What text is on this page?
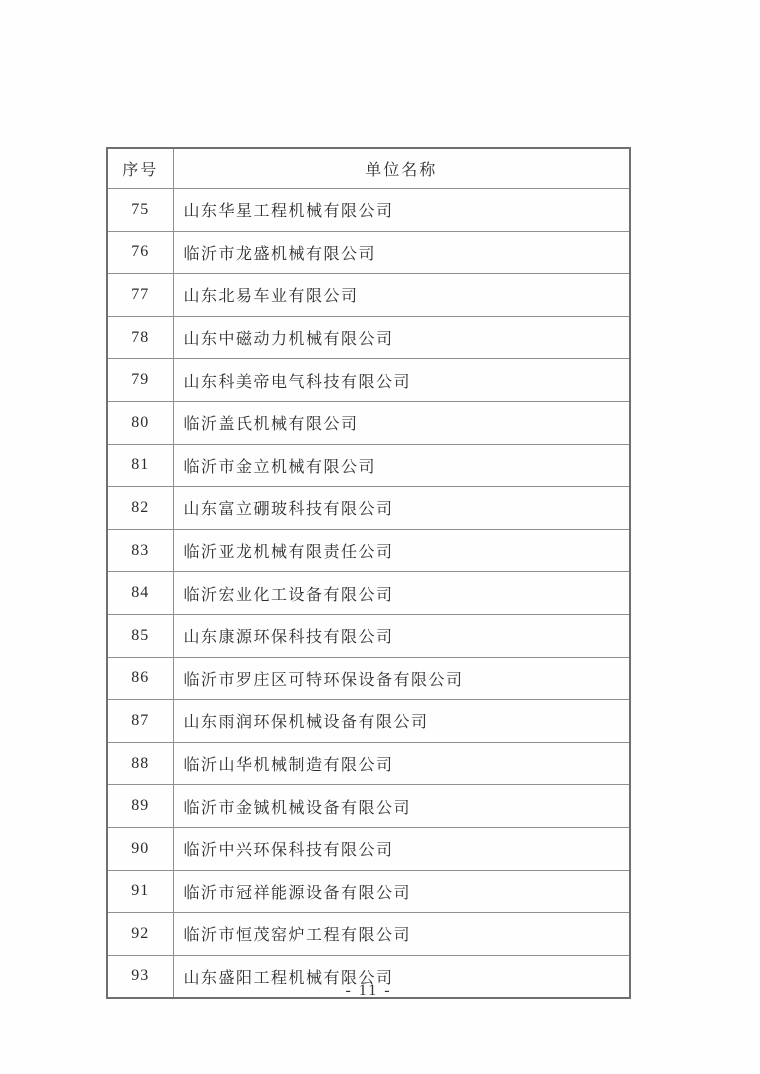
序号	单位名称
75	山东华星工程机械有限公司
76	临沂市龙盛机械有限公司
77	山东北易车业有限公司
78	山东中磁动力机械有限公司
79	山东科美帝电气科技有限公司
80	临沂盖氏机械有限公司
81	临沂市金立机械有限公司
82	山东富立硼玻科技有限公司
83	临沂亚龙机械有限责任公司
84	临沂宏业化工设备有限公司
85	山东康源环保科技有限公司
86	临沂市罗庄区可特环保设备有限公司
87	山东雨润环保机械设备有限公司
88	临沂山华机械制造有限公司
89	临沂市金铖机械设备有限公司
90	临沂中兴环保科技有限公司
91	临沂市冠祥能源设备有限公司
92	临沂市恒茂窑炉工程有限公司
93	山东盛阳工程机械有限公司
- 11 -
